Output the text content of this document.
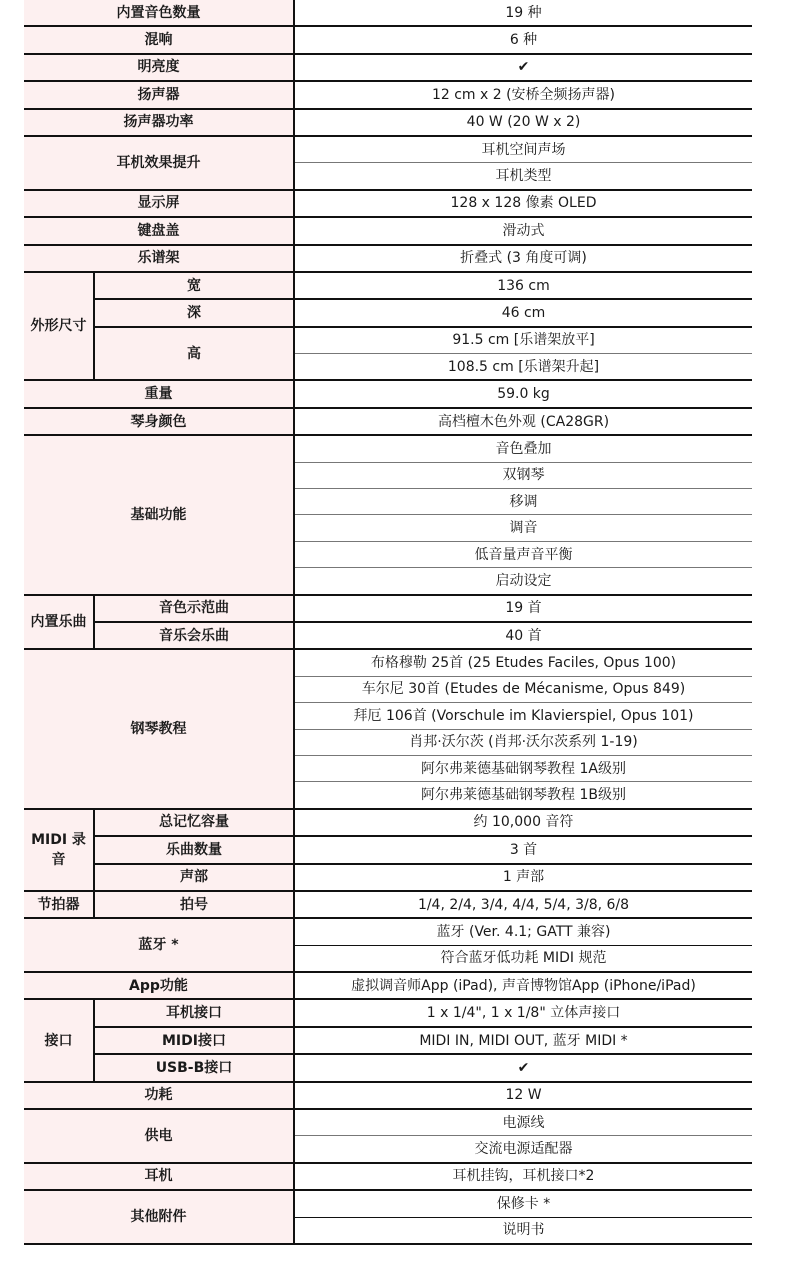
内置音色数量		19 种
混响		6 种
明亮度		✔
扬声器		12 cm x 2 (安桥全频扬声器)
扬声器功率		40 W (20 W x 2)
耳机效果提升		耳机空间声场
		耳机类型
显示屏		128 x 128 像素 OLED
键盘盖		滑动式
乐谱架		折叠式 (3 角度可调)
外形尺寸	宽	136 cm
	深	46 cm
	高	91.5 cm [乐谱架放平]
		108.5 cm [乐谱架升起]
重量		59.0 kg
琴身颜色		高档檀木色外观 (CA28GR)
基础功能		音色叠加
		双钢琴
		移调
		调音
		低音量声音平衡
		启动设定
内置乐曲	音色示范曲	19 首
	音乐会乐曲	40 首
钢琴教程		布格穆勒 25首 (25 Etudes Faciles, Opus 100)
		车尔尼 30首 (Etudes de Mécanisme, Opus 849)
		拜厄 106首 (Vorschule im Klavierspiel, Opus 101)
		肖邦·沃尔茨 (肖邦·沃尔茨系列 1-19)
		阿尔弗莱德基础钢琴教程 1A级别
		阿尔弗莱德基础钢琴教程 1B级别
MIDI 录音	总记忆容量	约 10,000 音符
	乐曲数量	3 首
	声部	1 声部
节拍器	拍号	1/4, 2/4, 3/4, 4/4, 5/4, 3/8, 6/8
蓝牙 *		蓝牙 (Ver. 4.1; GATT 兼容)
		符合蓝牙低功耗 MIDI 规范
App功能		虚拟调音师App (iPad), 声音博物馆App (iPhone/iPad)
接口	耳机接口	1 x 1/4", 1 x 1/8" 立体声接口
	MIDI接口	MIDI IN, MIDI OUT, 蓝牙 MIDI *
	USB-B接口	✔
功耗		12 W
供电		电源线
		交流电源适配器
耳机		耳机挂钩，耳机接口*2
其他附件		保修卡 *
		说明书
